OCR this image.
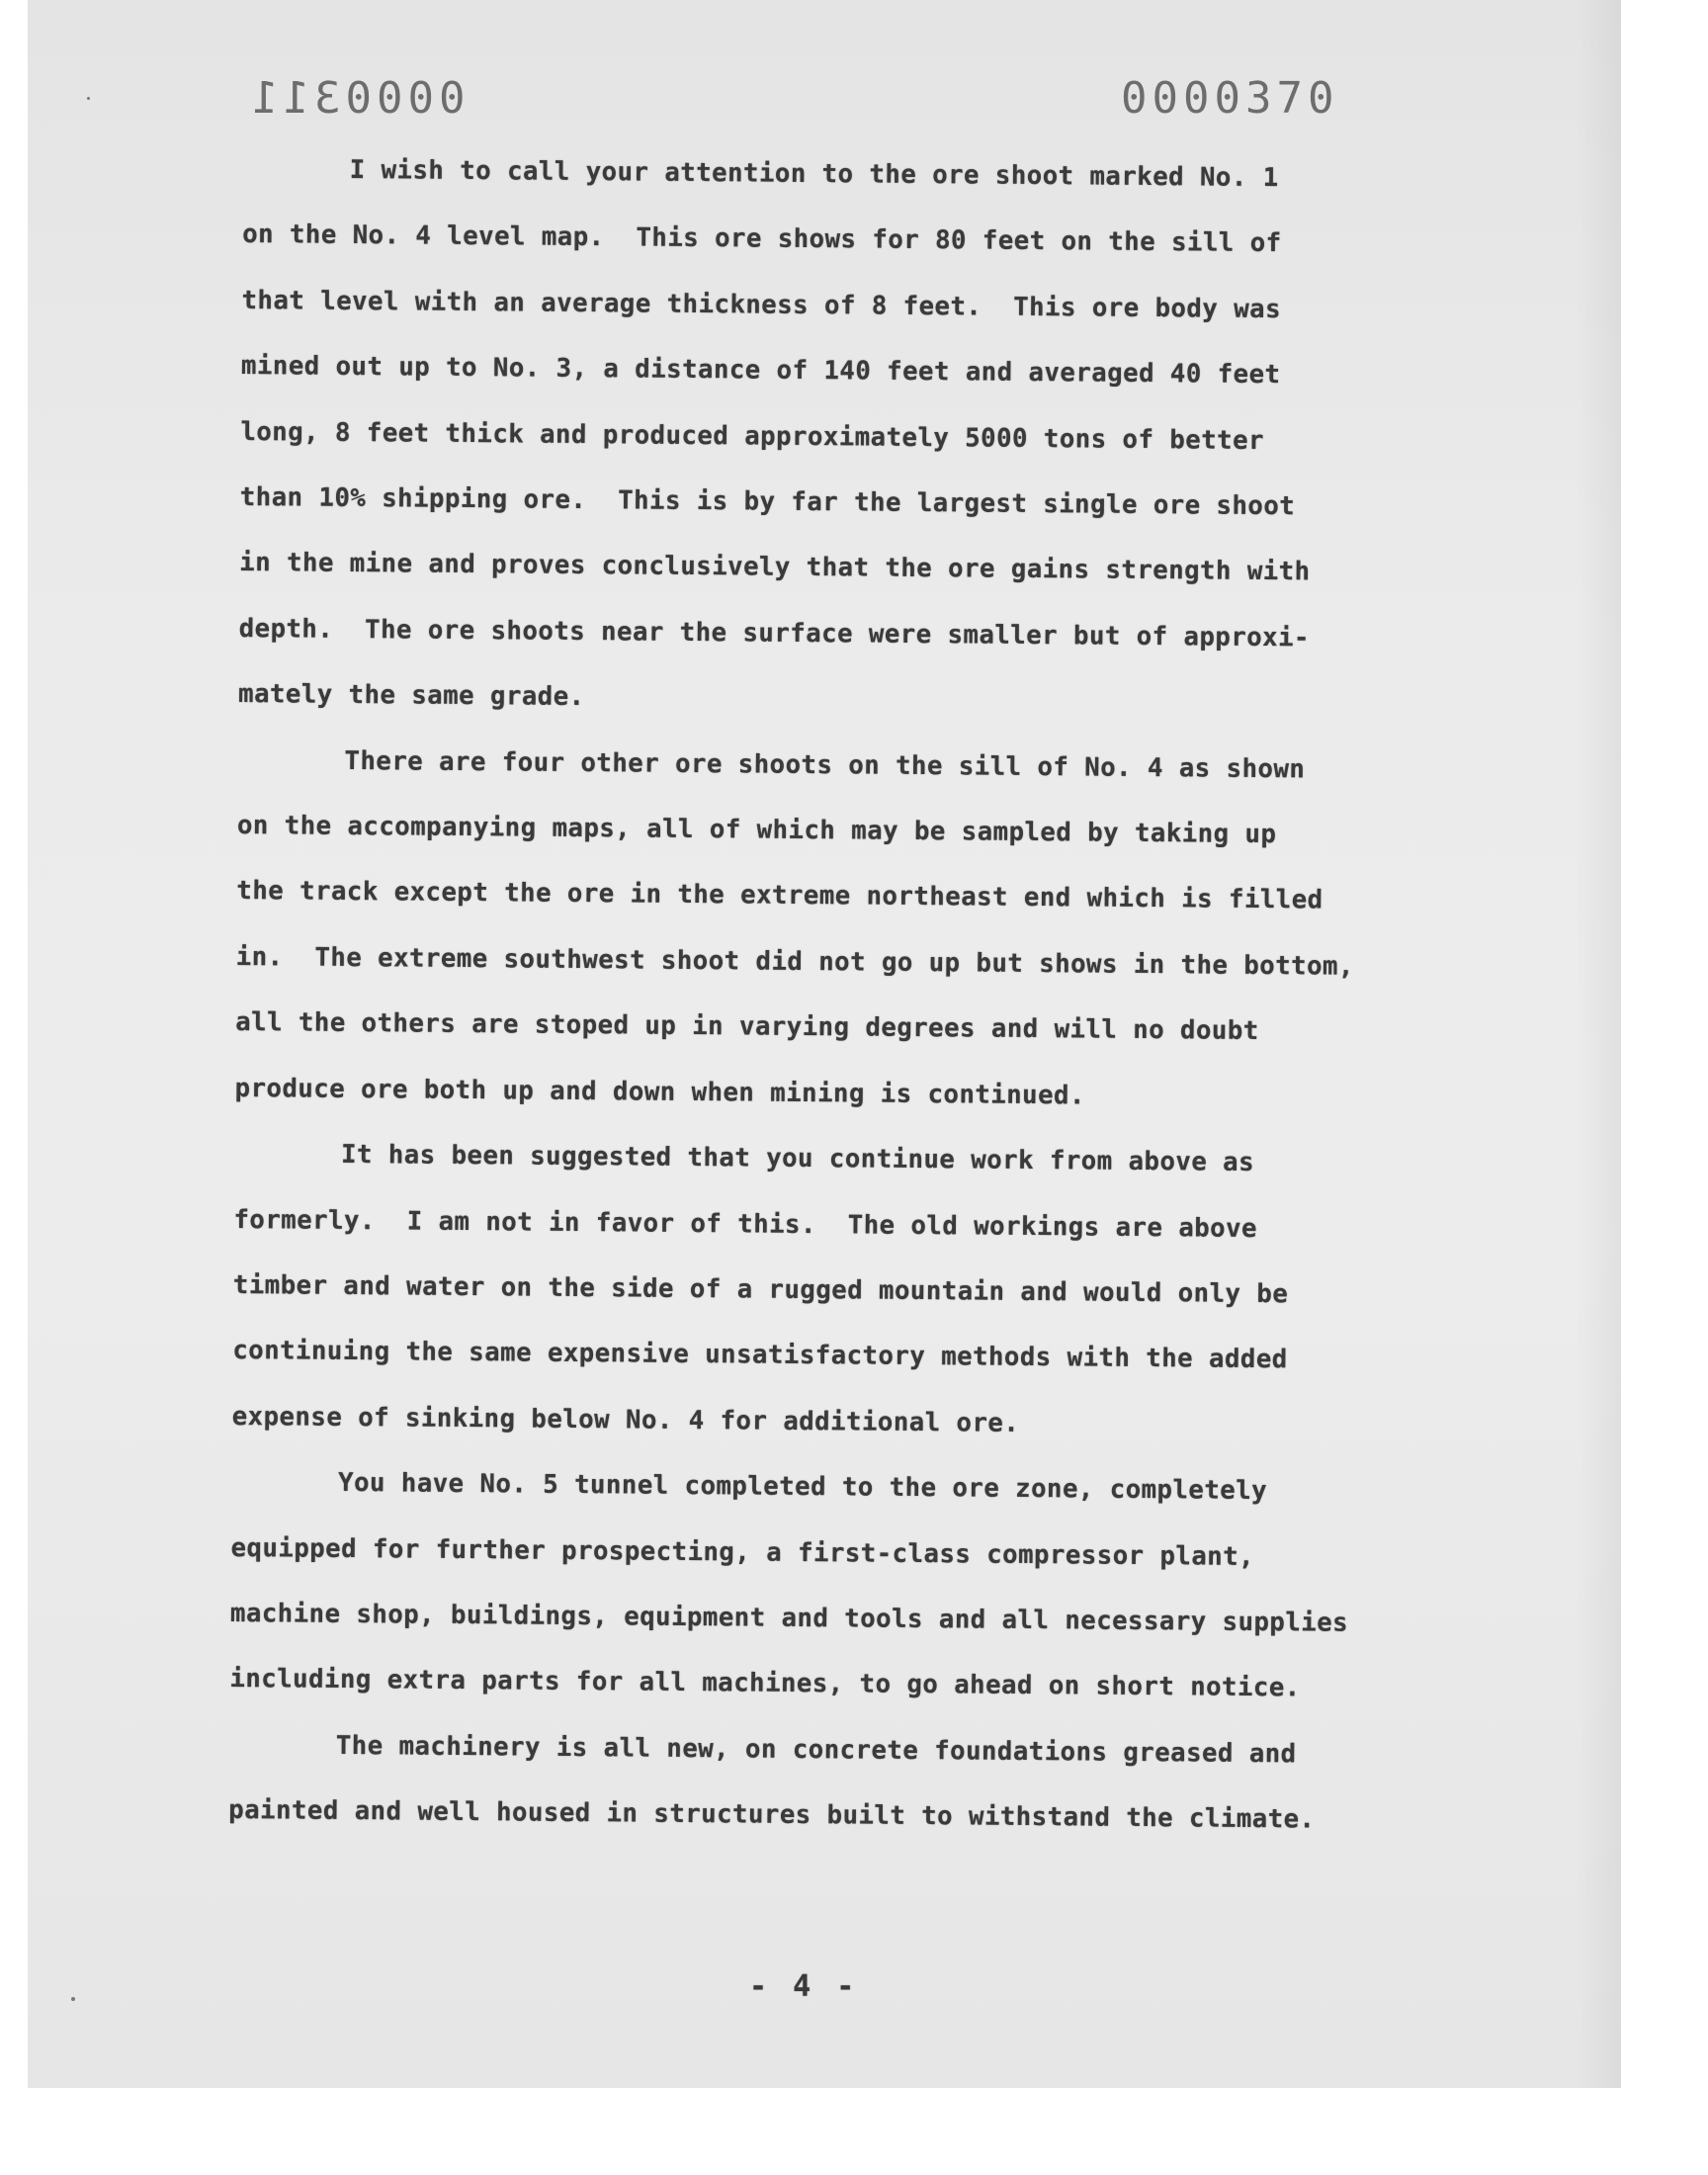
0000311	0000370

I wish to call your attention to the ore shoot marked No. 1

on the No. 4 level map.  This ore shows for 80 feet on the sill of

that level with an average thickness of 8 feet.  This ore body was

mined out up to No. 3, a distance of 140 feet and averaged 40 feet

long, 8 feet thick and produced approximately 5000 tons of better

than 10% shipping ore.  This is by far the largest single ore shoot

in the mine and proves conclusively that the ore gains strength with

depth.  The ore shoots near the surface were smaller but of approxi-

mately the same grade.

There are four other ore shoots on the sill of No. 4 as shown

on the accompanying maps, all of which may be sampled by taking up

the track except the ore in the extreme northeast end which is filled

in.  The extreme southwest shoot did not go up but shows in the bottom,

all the others are stoped up in varying degrees and will no doubt

produce ore both up and down when mining is continued.

It has been suggested that you continue work from above as

formerly.  I am not in favor of this.  The old workings are above

timber and water on the side of a rugged mountain and would only be

continuing the same expensive unsatisfactory methods with the added

expense of sinking below No. 4 for additional ore.

You have No. 5 tunnel completed to the ore zone, completely

equipped for further prospecting, a first-class compressor plant,

machine shop, buildings, equipment and tools and all necessary supplies

including extra parts for all machines, to go ahead on short notice.

The machinery is all new, on concrete foundations greased and

painted and well housed in structures built to withstand the climate.

- 4 -
